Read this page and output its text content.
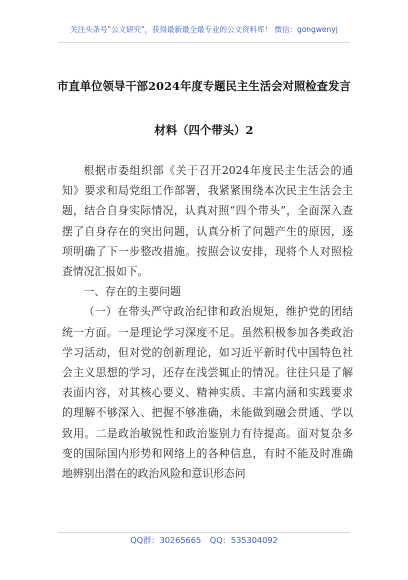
关注头条号"公文研究"，获得最新最全最专业的公文资料库！ 微信：gongwenyj
市直单位领导干部2024年度专题民主生活会对照检查发言
材料（四个带头）2

根据市委组织部《关于召开2024年度民主生活会的通知》要求和局党组工作部署，我紧紧围绕本次民主生活会主题，结合自身实际情况，认真对照“四个带头”，全面深入查摆了自身存在的突出问题，认真分析了问题产生的原因，逐项明确了下一步整改措施。按照会议安排，现将个人对照检查情况汇报如下。

一、存在的主要问题

（一）在带头严守政治纪律和政治规矩，维护党的团结统一方面。一是理论学习深度不足。虽然积极参加各类政治学习活动，但对党的创新理论，如习近平新时代中国特色社会主义思想的学习，还存在浅尝辄止的情况。往往只是了解表面内容，对其核心要义、精神实质、丰富内涵和实践要求的理解不够深入、把握不够准确，未能做到融会贯通、学以致用。二是政治敏锐性和政治鉴别力有待提高。面对复杂多变的国际国内形势和网络上的各种信息，有时不能及时准确地辨别出潜在的政治风险和意识形态问

QQ群：30265665 QQ：535304092
